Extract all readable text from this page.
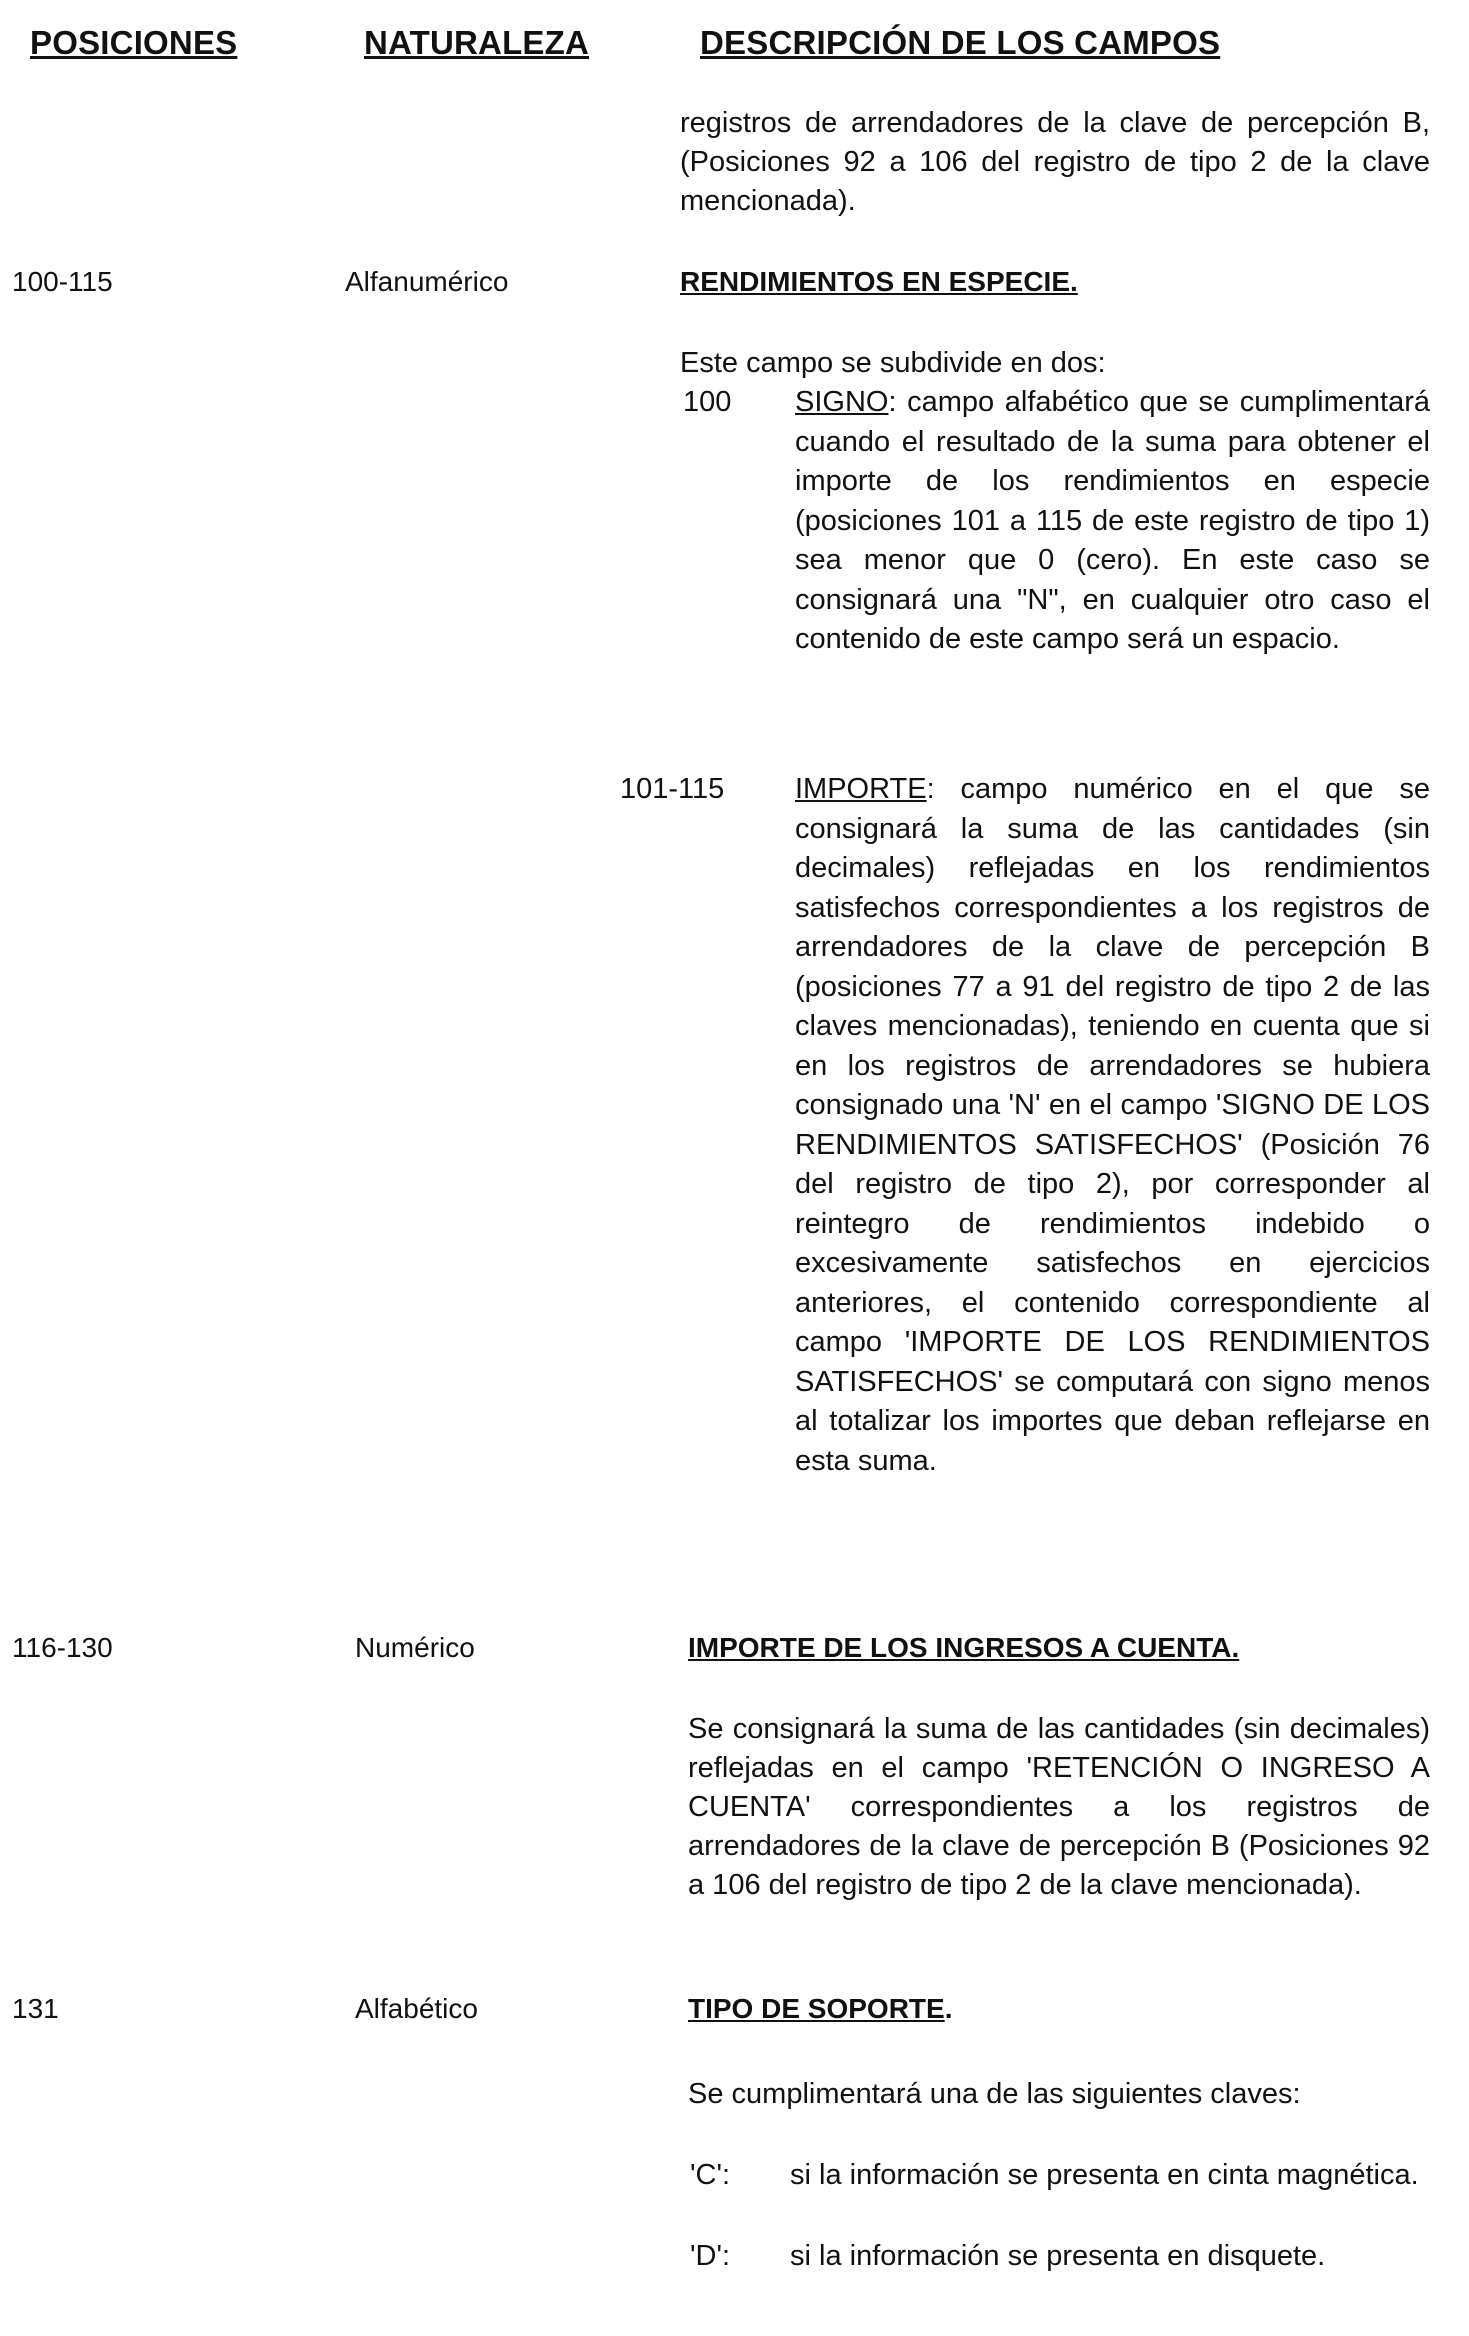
POSICIONES	NATURALEZA	DESCRIPCIÓN DE LOS CAMPOS
registros de arrendadores de la clave de percepción B, (Posiciones 92 a 106 del registro de tipo 2 de la clave mencionada).
100-115	Alfanumérico	RENDIMIENTOS EN ESPECIE.
Este campo se subdivide en dos:
100 SIGNO: campo alfabético que se cumplimentará cuando el resultado de la suma para obtener el importe de los rendimientos en especie (posiciones 101 a 115 de este registro de tipo 1) sea menor que 0 (cero). En este caso se consignará una "N", en cualquier otro caso el contenido de este campo será un espacio.
101-115 IMPORTE: campo numérico en el que se consignará la suma de las cantidades (sin decimales) reflejadas en los rendimientos satisfechos correspondientes a los registros de arrendadores de la clave de percepción B (posiciones 77 a 91 del registro de tipo 2 de las claves mencionadas), teniendo en cuenta que si en los registros de arrendadores se hubiera consignado una 'N' en el campo 'SIGNO DE LOS RENDIMIENTOS SATISFECHOS' (Posición 76 del registro de tipo 2), por corresponder al reintegro de rendimientos indebido o excesivamente satisfechos en ejercicios anteriores, el contenido correspondiente al campo 'IMPORTE DE LOS RENDIMIENTOS SATISFECHOS' se computará con signo menos al totalizar los importes que deban reflejarse en esta suma.
116-130	Numérico	IMPORTE DE LOS INGRESOS A CUENTA.
Se consignará la suma de las cantidades (sin decimales) reflejadas en el campo 'RETENCIÓN O INGRESO A CUENTA' correspondientes a los registros de arrendadores de la clave de percepción B (Posiciones 92 a 106 del registro de tipo 2 de la clave mencionada).
131	Alfabético	TIPO DE SOPORTE.
Se cumplimentará una de las siguientes claves:
'C': si la información se presenta en cinta magnética.
'D': si la información se presenta en disquete.
